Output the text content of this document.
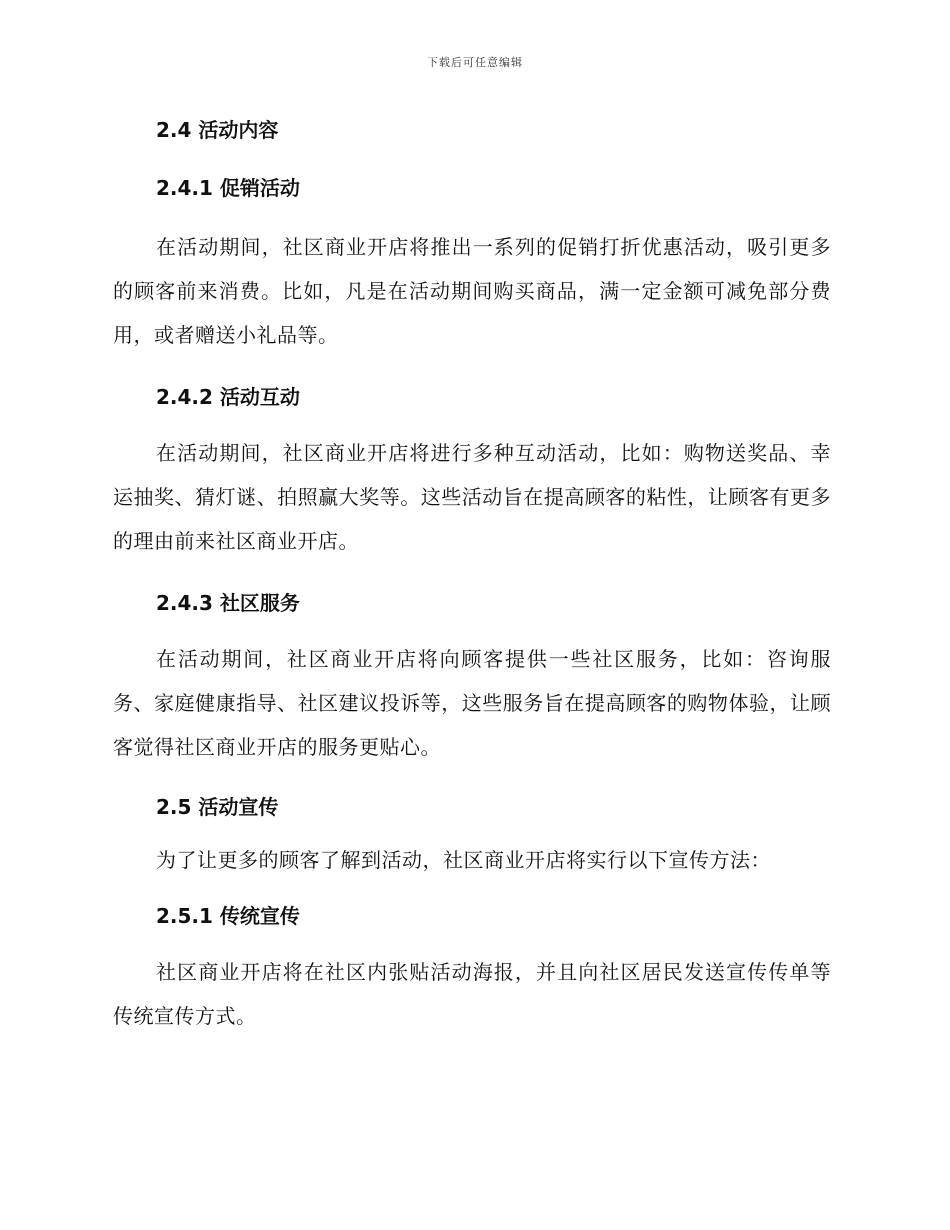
下载后可任意编辑

2.4 活动内容

2.4.1 促销活动

在活动期间，社区商业开店将推出一系列的促销打折优惠活动，吸引更多的顾客前来消费。比如，凡是在活动期间购买商品，满一定金额可减免部分费用，或者赠送小礼品等。

2.4.2 活动互动

在活动期间，社区商业开店将进行多种互动活动，比如：购物送奖品、幸运抽奖、猜灯谜、拍照赢大奖等。这些活动旨在提高顾客的粘性，让顾客有更多的理由前来社区商业开店。

2.4.3 社区服务

在活动期间，社区商业开店将向顾客提供一些社区服务，比如：咨询服务、家庭健康指导、社区建议投诉等，这些服务旨在提高顾客的购物体验，让顾客觉得社区商业开店的服务更贴心。

2.5 活动宣传

为了让更多的顾客了解到活动，社区商业开店将实行以下宣传方法：

2.5.1 传统宣传

社区商业开店将在社区内张贴活动海报，并且向社区居民发送宣传传单等传统宣传方式。
